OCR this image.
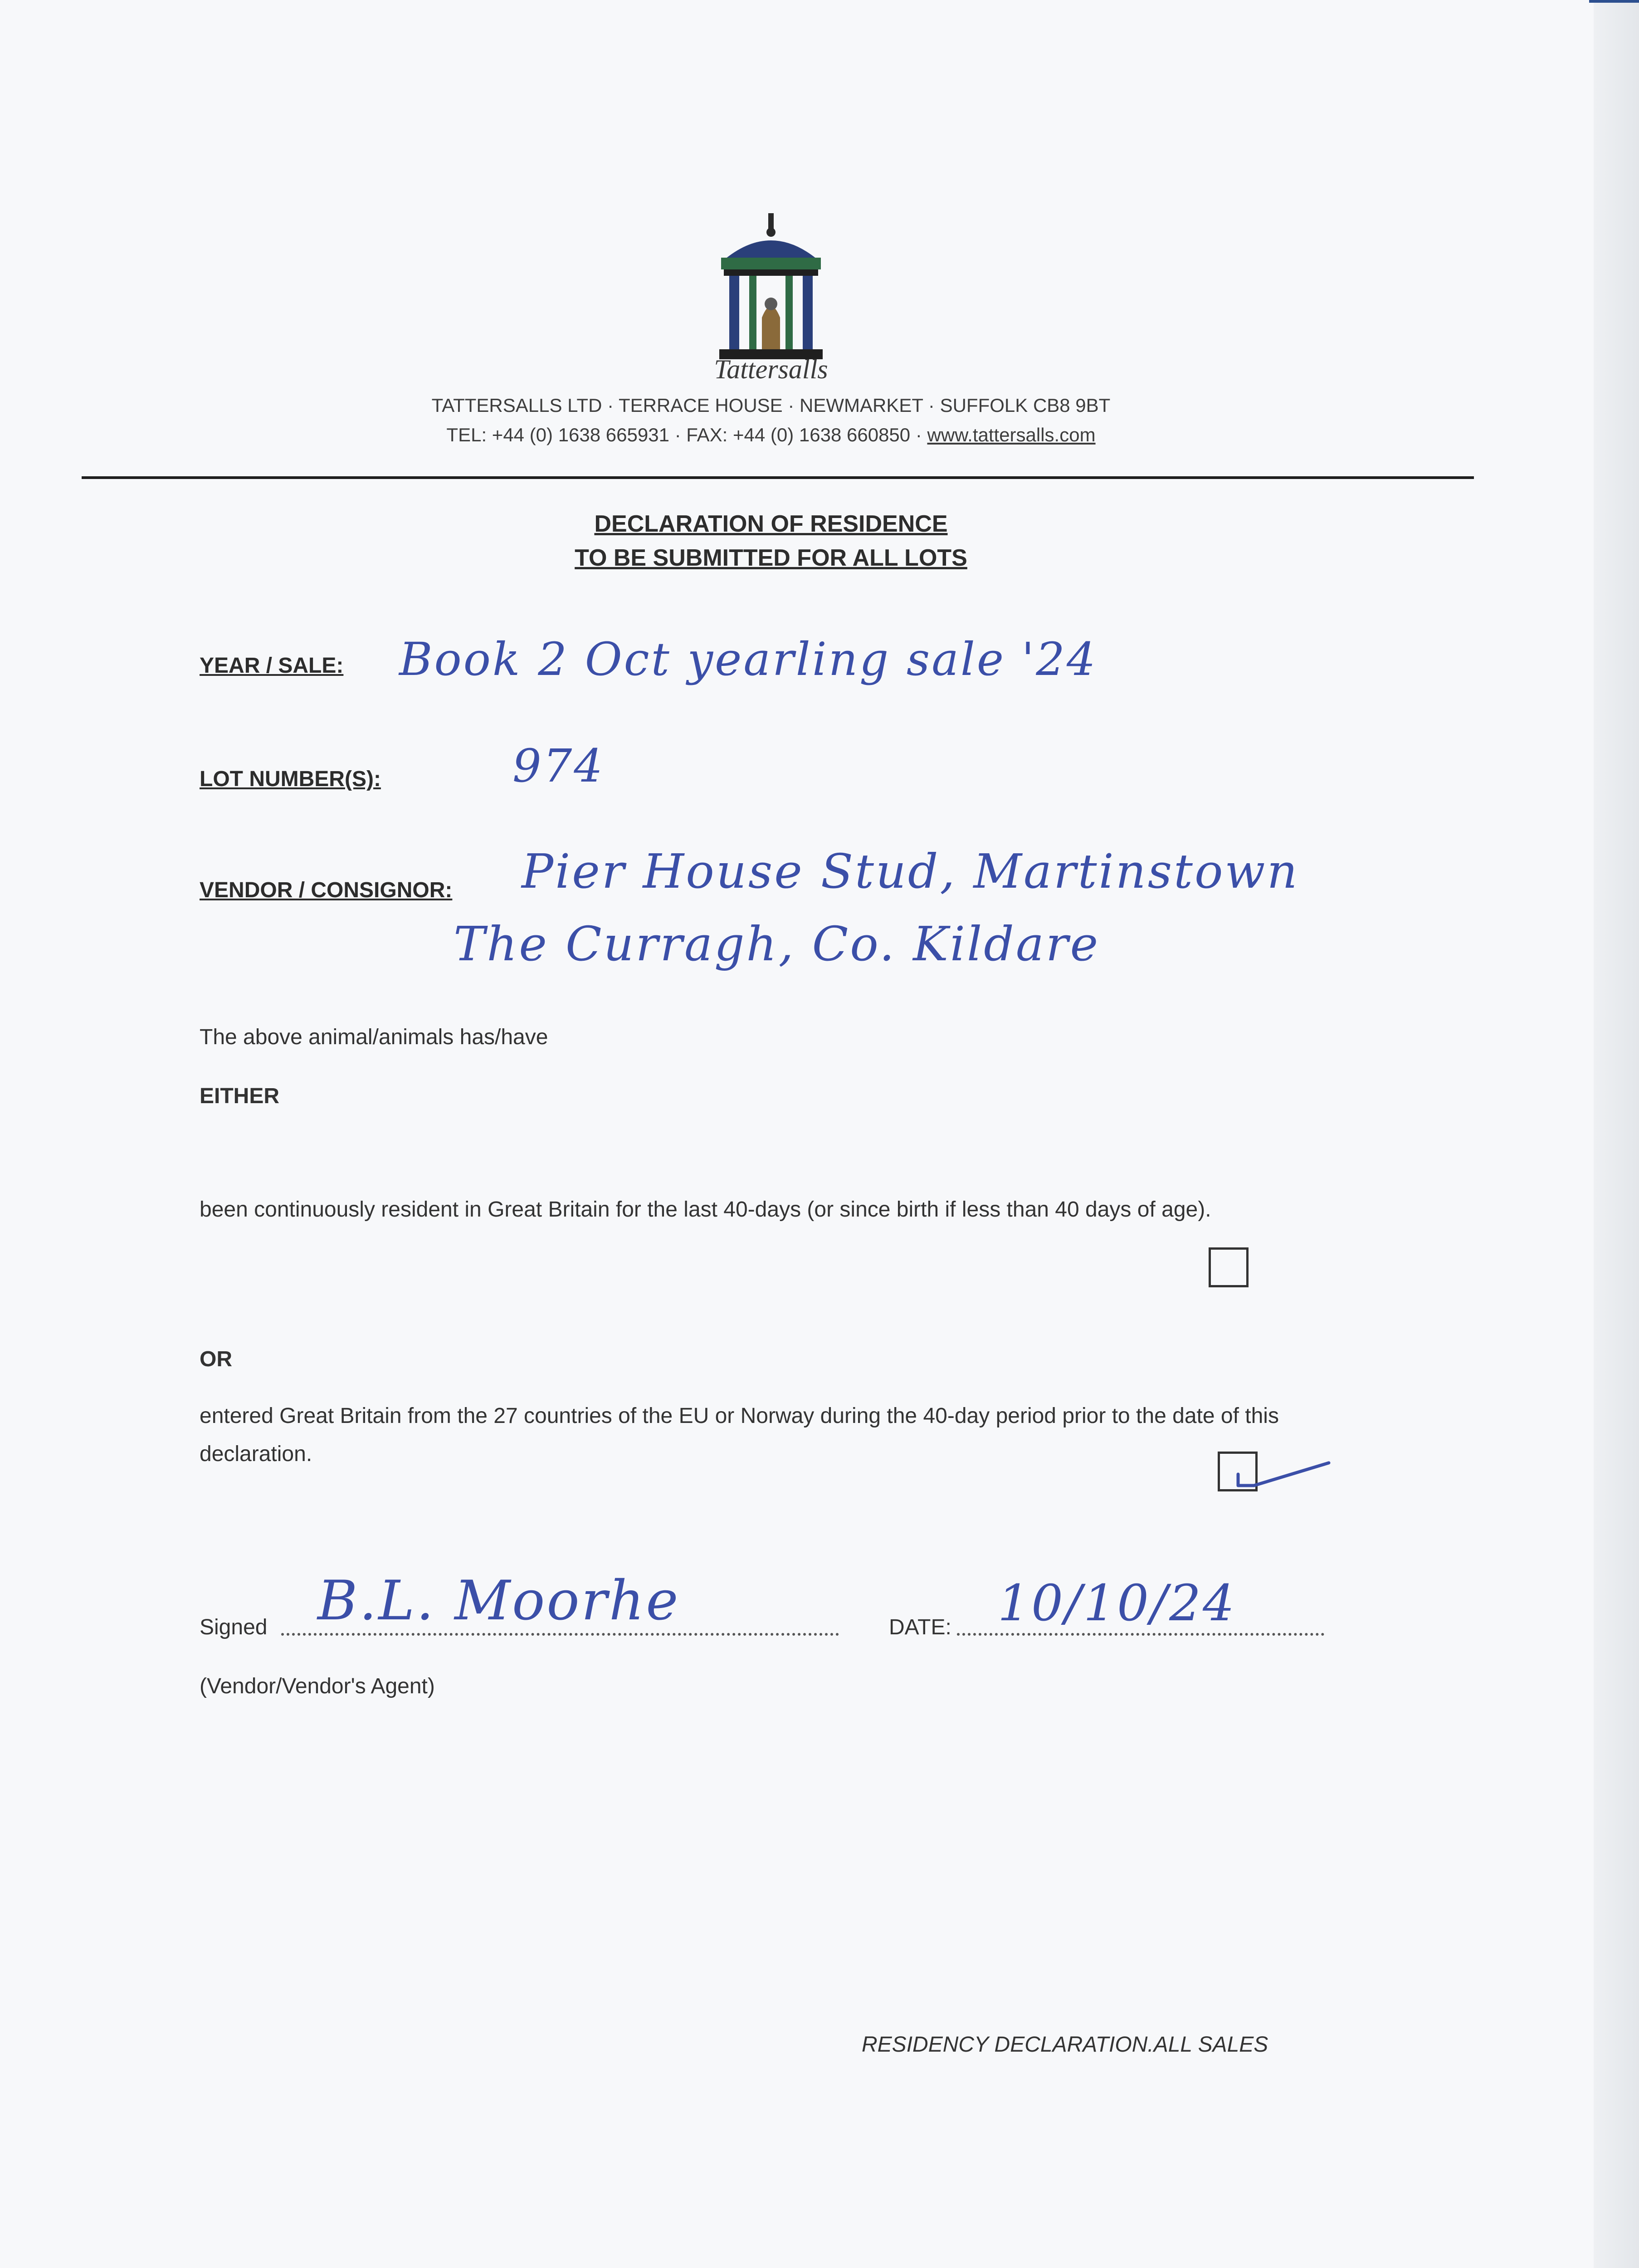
Tattersalls
TATTERSALLS LTD · TERRACE HOUSE · NEWMARKET · SUFFOLK CB8 9BT
TEL: +44 (0) 1638 665931 · FAX: +44 (0) 1638 660850 · www.tattersalls.com
DECLARATION OF RESIDENCE
TO BE SUBMITTED FOR ALL LOTS
YEAR / SALE: Book 2 Oct yearling sale '24
LOT NUMBER(S):	974
VENDOR / CONSIGNOR: Pier House Stud, Martinstown
The Curragh, Co. Kildare
The above animal/animals has/have
EITHER
been continuously resident in Great Britain for the last 40-days (or since birth if less than 40 days of age).
OR
entered Great Britain from the 27 countries of the EU or Norway during the 40-day period prior to the date of this declaration.
Signed B.L. Moorhe	DATE: 10/10/24
(Vendor/Vendor's Agent)
RESIDENCY DECLARATION.ALL SALES
